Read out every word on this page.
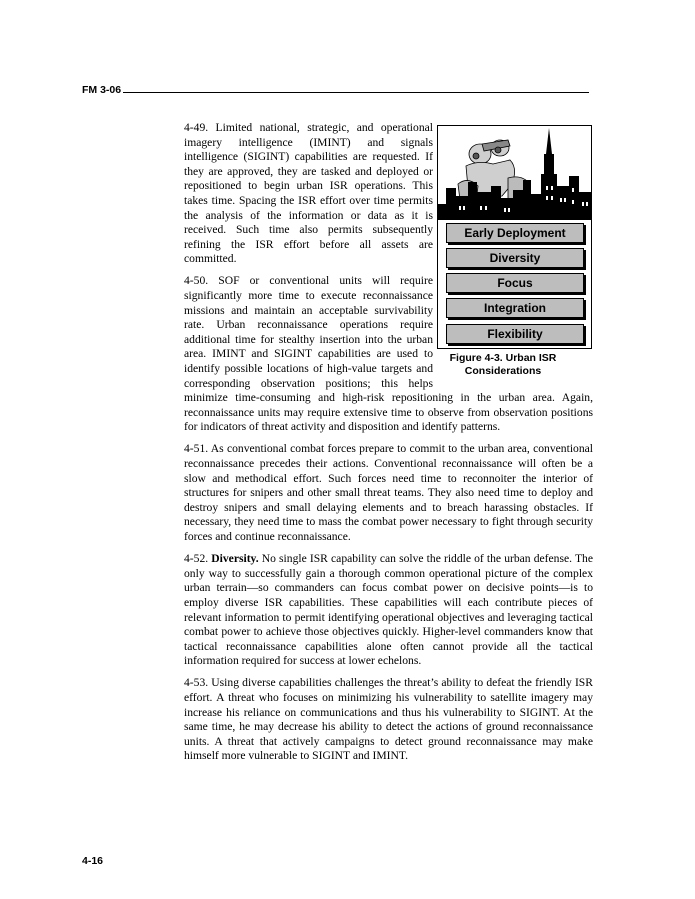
FM 3-06
Early Deployment
Diversity
Focus
Integration
Flexibility
Figure 4-3. Urban ISR Considerations

4-49. Limited national, strategic, and operational imagery intelligence (IMINT) and signals intelligence (SIGINT) capabilities are requested. If they are approved, they are tasked and deployed or repositioned to begin urban ISR operations. This takes time. Spacing the ISR effort over time permits the analysis of the information or data as it is received. Such time also permits subsequently refining the ISR effort before all assets are committed.

4-50. SOF or conventional units will require significantly more time to execute reconnaissance missions and maintain an acceptable survivability rate. Urban reconnaissance operations require additional time for stealthy insertion into the urban area. IMINT and SIGINT capabilities are used to identify possible locations of high-value targets and corresponding observation positions; this helps minimize time-consuming and high-risk repositioning in the urban area. Again, reconnaissance units may require extensive time to observe from observation positions for indicators of threat activity and disposition and identify patterns.

4-51. As conventional combat forces prepare to commit to the urban area, conventional reconnaissance precedes their actions. Conventional reconnaissance will often be a slow and methodical effort. Such forces need time to reconnoiter the interior of structures for snipers and other small threat teams. They also need time to deploy and destroy snipers and small delaying elements and to breach harassing obstacles. If necessary, they need time to mass the combat power necessary to fight through security forces and continue reconnaissance.

4-52. Diversity. No single ISR capability can solve the riddle of the urban defense. The only way to successfully gain a thorough common operational picture of the complex urban terrain—so commanders can focus combat power on decisive points—is to employ diverse ISR capabilities. These capabilities will each contribute pieces of relevant information to permit identifying operational objectives and leveraging tactical combat power to achieve those objectives quickly. Higher-level commanders know that tactical reconnaissance capabilities alone often cannot provide all the tactical information required for success at lower echelons.

4-53. Using diverse capabilities challenges the threat’s ability to defeat the friendly ISR effort. A threat who focuses on minimizing his vulnerability to satellite imagery may increase his reliance on communications and thus his vulnerability to SIGINT. At the same time, he may decrease his ability to detect the actions of ground reconnaissance units. A threat that actively campaigns to detect ground reconnaissance may make himself more vulnerable to SIGINT and IMINT.

4-16
